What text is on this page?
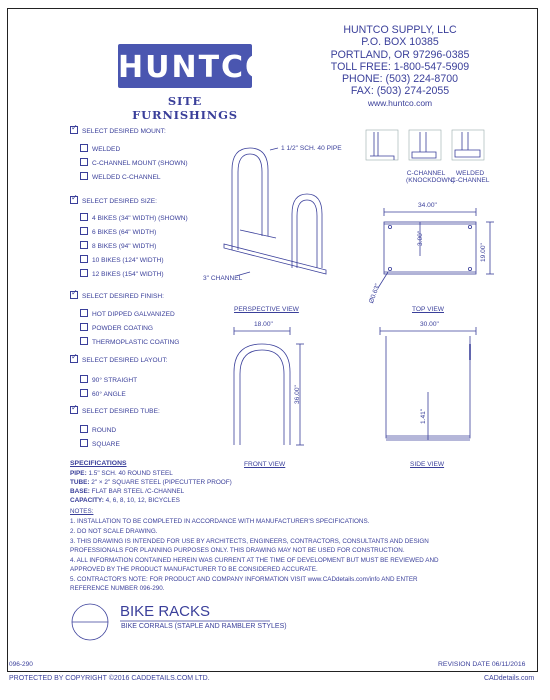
HUNTCO
SITE FURNISHINGS
HUNTCO SUPPLY, LLC
P.O. BOX 10385
PORTLAND, OR 97296-0385
TOLL FREE: 1-800-547-5909
PHONE: (503) 224-8700
FAX: (503) 274-2055
www.huntco.com
✓SELECT DESIRED MOUNT:
WELDED
C-CHANNEL MOUNT (SHOWN)
WELDED C-CHANNEL
✓SELECT DESIRED SIZE:
4 BIKES (34" WIDTH) (SHOWN)
6 BIKES (64" WIDTH)
8 BIKES (94" WIDTH)
10 BIKES (124" WIDTH)
12 BIKES (154" WIDTH)
✓SELECT DESIRED FINISH:
HOT DIPPED GALVANIZED
POWDER COATING
THERMOPLASTIC COATING
✓SELECT DESIRED LAYOUT:
90° STRAIGHT
60° ANGLE
✓SELECT DESIRED TUBE:
ROUND
SQUARE
C-CHANNEL
(KNOCKDOWN)
WELDED
C-CHANNEL
1 1/2" SCH. 40 PIPE
3" CHANNEL
PERSPECTIVE VIEW
34.00"
3.00"
19.00"
Ø0.63"
TOP VIEW
18.00"
36.00"
FRONT VIEW
30.00"
1.41"
SIDE VIEW
SPECIFICATIONS
PIPE: 1.5" SCH. 40 ROUND STEEL
TUBE: 2" × 2" SQUARE STEEL (PIPECUTTER PROOF)
BASE: FLAT BAR STEEL /C-CHANNEL
CAPACITY: 4, 6, 8, 10, 12, BICYCLES
NOTES:
1. INSTALLATION TO BE COMPLETED IN ACCORDANCE WITH MANUFACTURER'S SPECIFICATIONS.
2. DO NOT SCALE DRAWING.
3. THIS DRAWING IS INTENDED FOR USE BY ARCHITECTS, ENGINEERS, CONTRACTORS, CONSULTANTS AND DESIGN
PROFESSIONALS FOR PLANNING PURPOSES ONLY. THIS DRAWING MAY NOT BE USED FOR CONSTRUCTION.
4. ALL INFORMATION CONTAINED HEREIN WAS CURRENT AT THE TIME OF DEVELOPMENT BUT MUST BE REVIEWED AND
APPROVED BY THE PRODUCT MANUFACTURER TO BE CONSIDERED ACCURATE.
5. CONTRACTOR'S NOTE: FOR PRODUCT AND COMPANY INFORMATION VISIT www.CADdetails.com/info AND ENTER
REFERENCE NUMBER 096-290.
BIKE RACKS
BIKE CORRALS (STAPLE AND RAMBLER STYLES)
096-290	REVISION DATE 06/11/2016
PROTECTED BY COPYRIGHT ©2016 CADDETAILS.COM LTD.	CADdetails.com
